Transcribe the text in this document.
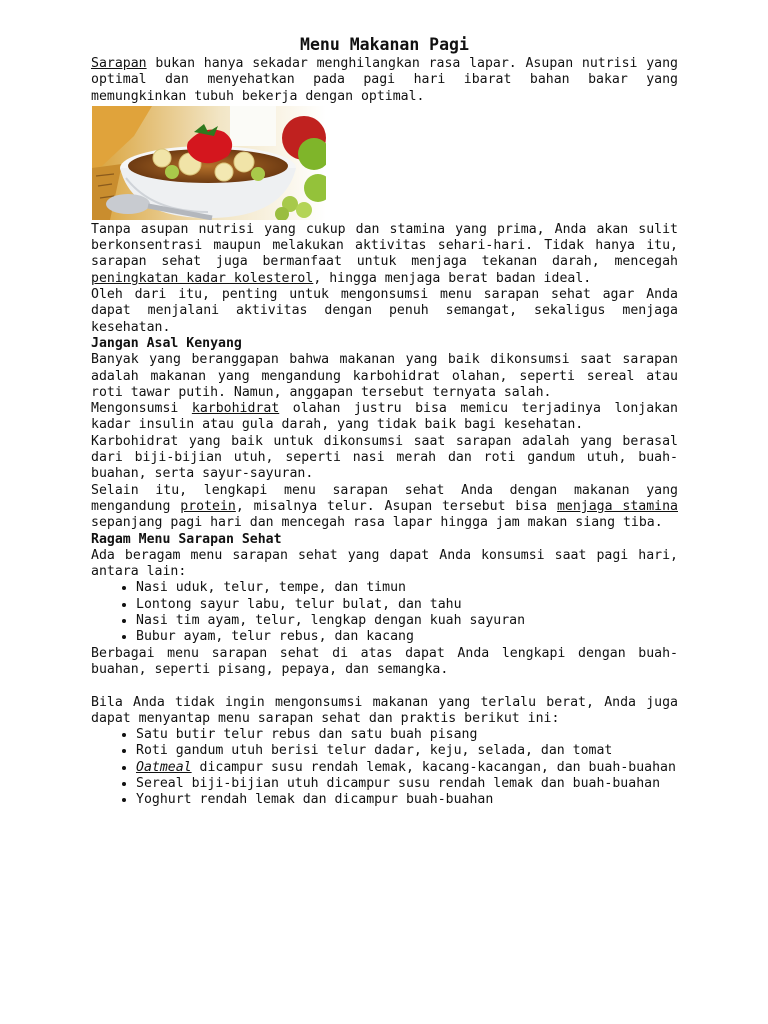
Menu Makanan Pagi

Sarapan bukan hanya sekadar menghilangkan rasa lapar. Asupan nutrisi yang optimal dan menyehatkan pada pagi hari ibarat bahan bakar yang memungkinkan tubuh bekerja dengan optimal.

Tanpa asupan nutrisi yang cukup dan stamina yang prima, Anda akan sulit berkonsentrasi maupun melakukan aktivitas sehari-hari. Tidak hanya itu, sarapan sehat juga bermanfaat untuk menjaga tekanan darah, mencegah peningkatan kadar kolesterol, hingga menjaga berat badan ideal.

Oleh dari itu, penting untuk mengonsumsi menu sarapan sehat agar Anda dapat menjalani aktivitas dengan penuh semangat, sekaligus menjaga kesehatan.

Jangan Asal Kenyang

Banyak yang beranggapan bahwa makanan yang baik dikonsumsi saat sarapan adalah makanan yang mengandung karbohidrat olahan, seperti sereal atau roti tawar putih. Namun, anggapan tersebut ternyata salah.

Mengonsumsi karbohidrat olahan justru bisa memicu terjadinya lonjakan kadar insulin atau gula darah, yang tidak baik bagi kesehatan.

Karbohidrat yang baik untuk dikonsumsi saat sarapan adalah yang berasal dari biji-bijian utuh, seperti nasi merah dan roti gandum utuh, buah-buahan, serta sayur-sayuran.

Selain itu, lengkapi menu sarapan sehat Anda dengan makanan yang mengandung protein, misalnya telur. Asupan tersebut bisa menjaga stamina sepanjang pagi hari dan mencegah rasa lapar hingga jam makan siang tiba.

Ragam Menu Sarapan Sehat

Ada beragam menu sarapan sehat yang dapat Anda konsumsi saat pagi hari, antara lain:

• Nasi uduk, telur, tempe, dan timun
• Lontong sayur labu, telur bulat, dan tahu
• Nasi tim ayam, telur, lengkap dengan kuah sayuran
• Bubur ayam, telur rebus, dan kacang

Berbagai menu sarapan sehat di atas dapat Anda lengkapi dengan buah-buahan, seperti pisang, pepaya, dan semangka.

Bila Anda tidak ingin mengonsumsi makanan yang terlalu berat, Anda juga dapat menyantap menu sarapan sehat dan praktis berikut ini:

• Satu butir telur rebus dan satu buah pisang
• Roti gandum utuh berisi telur dadar, keju, selada, dan tomat
• Oatmeal dicampur susu rendah lemak, kacang-kacangan, dan buah-buahan
• Sereal biji-bijian utuh dicampur susu rendah lemak dan buah-buahan
• Yoghurt rendah lemak dan dicampur buah-buahan
